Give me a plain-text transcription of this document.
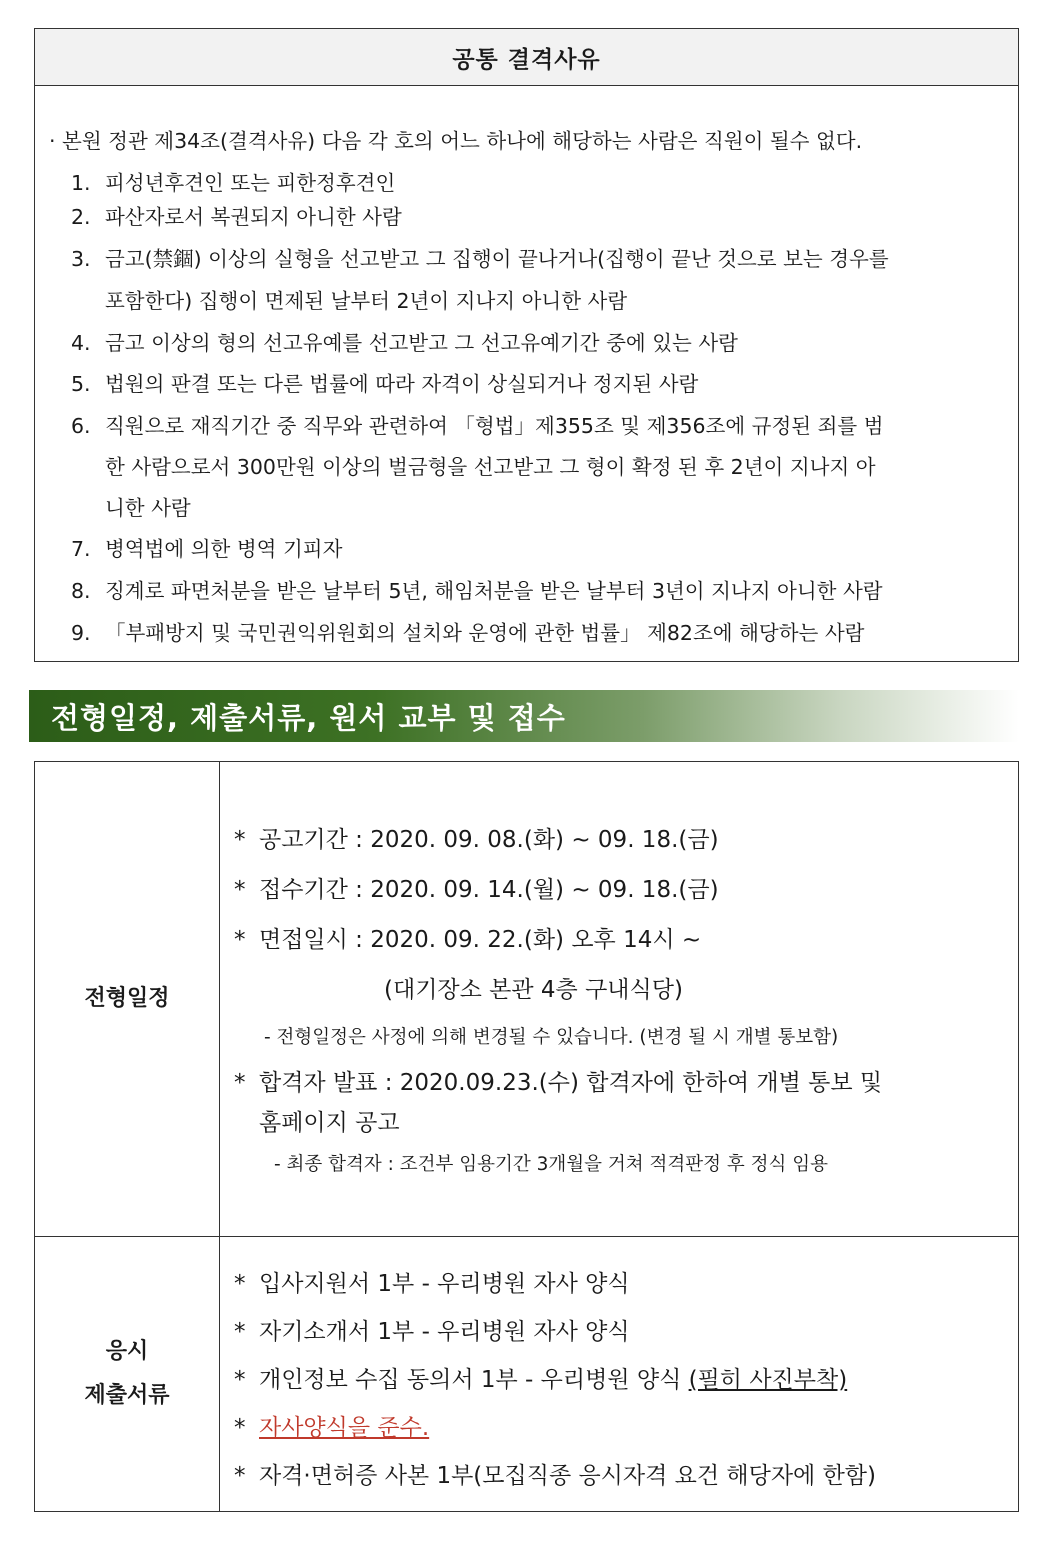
공통 결격사유
· 본원 정관 제34조(결격사유) 다음 각 호의 어느 하나에 해당하는 사람은 직원이 될수 없다.
1. 피성년후견인 또는 피한정후견인
2. 파산자로서 복권되지 아니한 사람
3. 금고(禁錮) 이상의 실형을 선고받고 그 집행이 끝나거나(집행이 끝난 것으로 보는 경우를
포함한다) 집행이 면제된 날부터 2년이 지나지 아니한 사람
4. 금고 이상의 형의 선고유예를 선고받고 그 선고유예기간 중에 있는 사람
5. 법원의 판결 또는 다른 법률에 따라 자격이 상실되거나 정지된 사람
6. 직원으로 재직기간 중 직무와 관련하여 「형법」제355조 및 제356조에 규정된 죄를 범
한 사람으로서 300만원 이상의 벌금형을 선고받고 그 형이 확정 된 후 2년이 지나지 아
니한 사람
7. 병역법에 의한 병역 기피자
8. 징계로 파면처분을 받은 날부터 5년, 해임처분을 받은 날부터 3년이 지나지 아니한 사람
9. 「부패방지 및 국민권익위원회의 설치와 운영에 관한 법률」 제82조에 해당하는 사람
전형일정, 제출서류, 원서 교부 및 접수
전형일정
* 공고기간 : 2020. 09. 08.(화) ~ 09. 18.(금)
* 접수기간 : 2020. 09. 14.(월) ~ 09. 18.(금)
* 면접일시 : 2020. 09. 22.(화) 오후 14시 ~
(대기장소 본관 4층 구내식당)
- 전형일정은 사정에 의해 변경될 수 있습니다. (변경 될 시 개별 통보함)
* 합격자 발표 : 2020.09.23.(수) 합격자에 한하여 개별 통보 및
홈페이지 공고
- 최종 합격자 : 조건부 임용기간 3개월을 거쳐 적격판정 후 정식 임용
응시
제출서류
* 입사지원서 1부 - 우리병원 자사 양식
* 자기소개서 1부 - 우리병원 자사 양식
* 개인정보 수집 동의서 1부 - 우리병원 양식 (필히 사진부착)
* 자사양식을 준수.
* 자격·면허증 사본 1부(모집직종 응시자격 요건 해당자에 한함)
